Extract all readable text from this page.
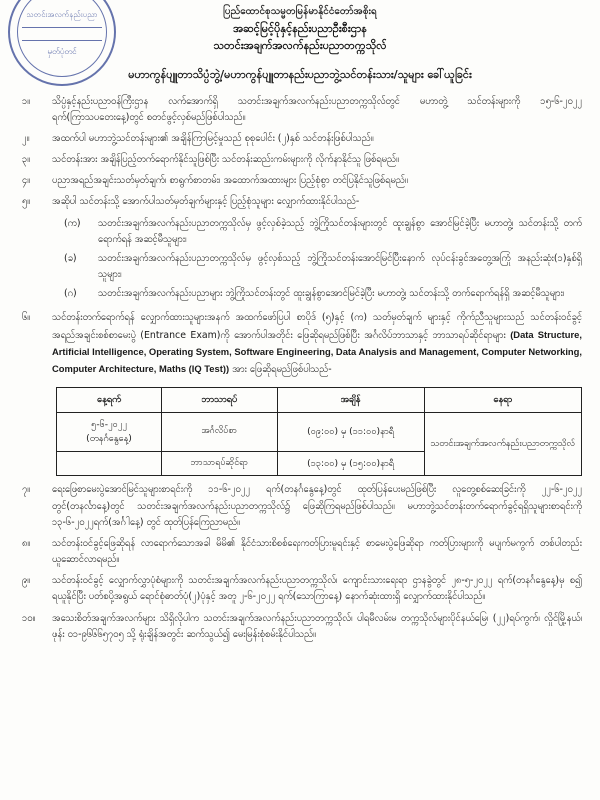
သတင်းအလက်နည်းပညာ
မှတ်ပုံတင်
ပြည်ထောင်စုသမ္မတမြန်မာနိုင်ငံတော်အစိုးရ
အဆင့်မြင့်ပိုနှင့်နည်းပညာဦးစီးဌာန
သတင်းအချက်အလက်နည်းပညာတက္ကသိုလ်
မဟာကွန်ပျူတာသိပ္ပံဘွဲ့/မဟာကွန်ပျူတာနည်းပညာဘွဲ့သင်တန်းသား/သူများ ခေါ်ယူခြင်း
၁။	သိပ္ပံနှင့်နည်းပညာဝန်ကြီးဌာန လက်အောက်ရှိ သတင်းအချက်အလက်နည်းပညာတက္ကသိုလ်တွင် မဟာတွဲ့ သင်တန်းများကို ၁၅-၆-၂၀၂၂ ရက်(ကြာသပတေးနေ့)တွင် စတင်ဖွင့်လှစ်မည်ဖြစ်ပါသည်။
၂။	အထက်ပါ မဟာဘွဲ့သင်တန်းများ၏ အချိန်ကြာမြင့်မှုသည် စုစုပေါင်း (၂)နှစ် သင်တန်းဖြစ်ပါသည်။
၃။	သင်တန်းအား အချိန်ပြည့်တက်ရောက်နိုင်သူဖြစ်ပြီး သင်တန်းဆည်းကမ်းများကို လိုက်နာနိုင်သူ ဖြစ်ရမည်။
၄။	ပညာအရည်အချင်းသတ်မှတ်ချက်၊ စာရွက်စာတမ်း၊ အထောက်အထားများ ပြည့်စုံစွာ တင်ပြနိုင်သူဖြစ်ရမည်။
၅။	အဆိုပါ သင်တန်းသို့ အောက်ပါသတ်မှတ်ချက်များနှင့် ပြည့်စုံသူများ လျှောက်ထားနိုင်ပါသည်-
(က)	သတင်းအချက်အလက်နည်းပညာတက္ကသိုလ်မှ ဖွင့်လှစ်ခဲ့သည့် ဘွဲ့ကြိုသင်တန်းများတွင် ထူးချွန်စွာ အောင်မြင်ခဲ့ပြီး မဟာတွဲ့၊ သင်တန်းသို့ တက်ရောက်ရန် အဆင့်မီသူများ၊
(ခ)	သတင်းအချက်အလက်နည်းပညာတက္ကသိုလ်မှ ဖွင့်လှစ်သည့် ဘွဲ့ကြိုသင်တန်းအောင်မြင်ပြီးနောက် လုပ်ငန်းခွင်အတွေ့အကြုံ အနည်းဆုံး(၁)နှစ်ရှိသူများ၊
(ဂ)	သတင်းအချက်အလက်နည်းပညာများ ဘွဲ့ကြိုသင်တန်းတွင် ထူးချွန်စွာအောင်မြင်ခဲ့ပြီး မဟာတွဲ့၊ သင်တန်းသို့ တက်ရောက်ရန်ရှိ အဆင့်မီသူများ၊
၆။	သင်တန်းတက်ရောက်ရန် လျှောက်ထားသူများအနက် အထက်ဖော်ပြပါ စာပိုဒ် (၅)နှင့် (က) သတ်မှတ်ချက် များနှင့် ကိုက်ညီသူများသည် သင်တန်းဝင်ခွင့်အရည်အချင်းစစ်စာမေးပွဲ (Entrance Exam)ကို အောက်ပါအတိုင်း ဖြေဆိုရမည်ဖြစ်ပြီး အင်္ဂလိပ်ဘာသာနှင့် ဘာသာရပ်ဆိုင်ရာများ (Data Structure, Artificial Intelligence, Operating System, Software Engineering, Data Analysis and Management, Computer Networking, Computer Architecture, Maths (IQ Test)) အား ဖြေဆိုရမည်ဖြစ်ပါသည်-
နေ့ရက်	ဘာသာရပ်	အချိန်	နေရာ

၅-၆-၂၀၂၂
(တနင်္ဂနွေနေ့)	အင်္ဂလိပ်စာ	(၀၉:၀၀) မှ (၁၁:၀၀)နာရီ	သတင်းအချက်အလက်နည်းပညာတက္ကသိုလ်

	ဘာသာရပ်ဆိုင်ရာ	(၁၃:၀၀) မှ (၁၅:၀၀)နာရီ	
၇။	ရေးဖြေစာမေးပွဲအောင်မြင်သူများစာရင်းကို ၁၁-၆-၂၀၂၂ ရက်(တနင်္ဂနွေနေ့)တွင် ထုတ်ပြန်ပေးမည်ဖြစ်ပြီး လူတွေ့စစ်ဆေးခြင်းကို ၂၂-၆-၂၀၂၂ တွင်(တနင်္လာနေ့)တွင် သတင်းအချက်အလက်နည်းပညာတက္ကသိုလ်၌ ဖြေဆိုကြရမည်ဖြစ်ပါသည်။ မဟာဘွဲ့သင်တန်းတက်ရောက်ခွင့်ရရှိသူများစာရင်းကို ၁၃-၆-၂၀၂၂ရက်(အင်္ဂါနေ့) တွင် ထုတ်ပြန်ကြေညာမည်။
၈။	သင်တန်းဝင်ခွင့်ဖြေဆိုရန် လာရောက်သောအခါ မိမိ၏ နိုင်ငံသားစိစစ်ရေးကတ်ပြားမူရင်းနှင့် စာမေးပွဲဖြေဆိုရာ ကတ်ပြားများကို မပျက်မကွက် တစ်ပါတည်း ယူဆောင်လာရမည်။
၉။	သင်တန်းဝင်ခွင့် လျှောက်လွှာပုံစံများကို သတင်းအချက်အလက်နည်းပညာတက္ကသိုလ်၊ ကျောင်းသားရေးရာ ဌာနခွဲတွင် ၂၈-၅-၂၀၂၂ ရက်(တနင်္ဂနွေနေ့)မှ စ၍ ရယူနိုင်ပြီး ပတ်စပို့အရွယ် ရောင်စုံဓာတ်ပုံ(၂)ပုံနှင့် အတူ ၂-၆-၂၀၂၂ ရက်(သောကြာနေ့) နောက်ဆုံးထားရှိ လျှောက်ထားနိုင်ပါသည်။
၁၀။	အသေးစိတ်အချက်အလက်များ သိရှိလိုပါက သတင်းအချက်အလက်နည်းပညာတက္ကသိုလ်၊ ပါရမီလမ်းမ တက္ကသိုလ်များပိုင်နယ်မြေ၊ (၂၂)ရပ်ကွက်၊ လှိုင်မြို့နယ်၊ ဖုန်း ၀၁-၉၆၆၆၅၇၀၅ သို့ ရုံးချိန်အတွင်း ဆက်သွယ်၍ မေးမြန်းစုံစမ်းနိုင်ပါသည်။
